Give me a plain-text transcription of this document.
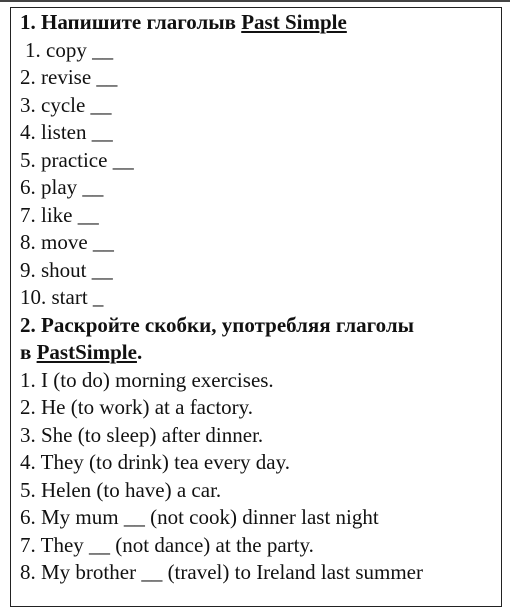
1. Напишите глаголыв Past Simple
1. copy __
2. revise __
3. cycle __
4. listen __
5. practice __
6. play __
7. like __
8. move __
9. shout __
10. start _
2. Раскройте скобки, употребляя глаголы
в PastSimple.
1. I (to do) morning exercises.
2. He (to work) at a factory.
3. She (to sleep) after dinner.
4. They (to drink) tea every day.
5. Helen (to have) a car.
6. My mum __ (not cook) dinner last night
7. They __ (not dance) at the party.
8. My brother __ (travel) to Ireland last summer
